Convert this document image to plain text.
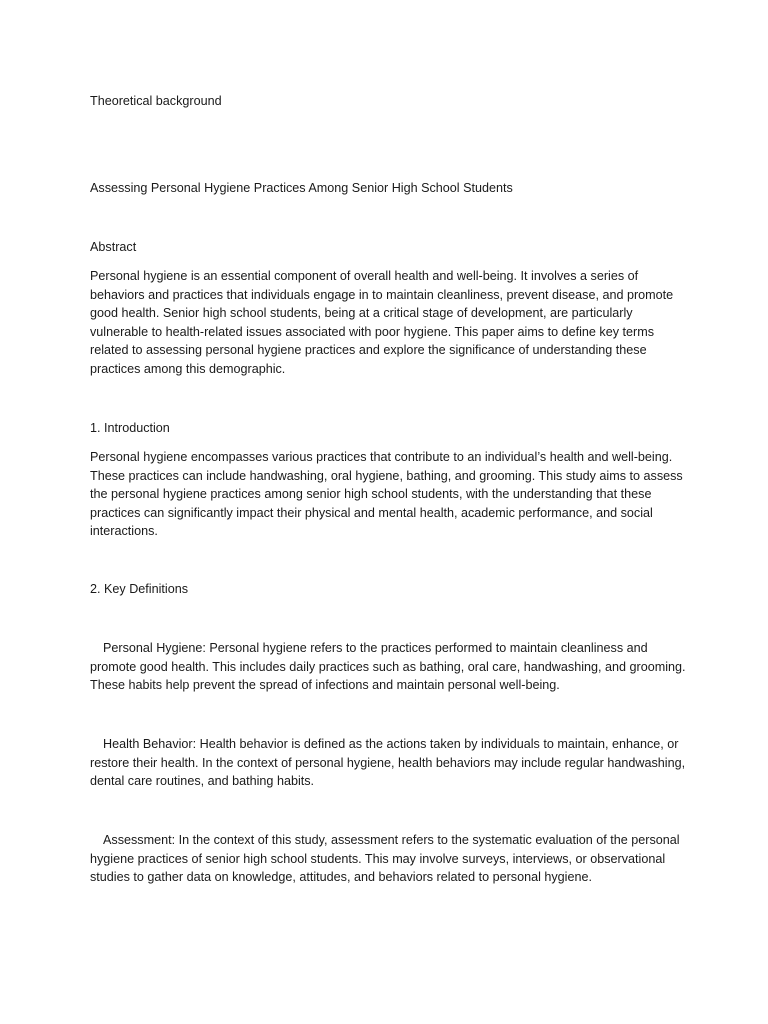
Theoretical background

Assessing Personal Hygiene Practices Among Senior High School Students

Abstract

Personal hygiene is an essential component of overall health and well-being. It involves a series of behaviors and practices that individuals engage in to maintain cleanliness, prevent disease, and promote good health. Senior high school students, being at a critical stage of development, are particularly vulnerable to health-related issues associated with poor hygiene. This paper aims to define key terms related to assessing personal hygiene practices and explore the significance of understanding these practices among this demographic.

1. Introduction

Personal hygiene encompasses various practices that contribute to an individual’s health and well-being. These practices can include handwashing, oral hygiene, bathing, and grooming. This study aims to assess the personal hygiene practices among senior high school students, with the understanding that these practices can significantly impact their physical and mental health, academic performance, and social interactions.

2. Key Definitions

Personal Hygiene: Personal hygiene refers to the practices performed to maintain cleanliness and promote good health. This includes daily practices such as bathing, oral care, handwashing, and grooming. These habits help prevent the spread of infections and maintain personal well-being.

Health Behavior: Health behavior is defined as the actions taken by individuals to maintain, enhance, or restore their health. In the context of personal hygiene, health behaviors may include regular handwashing, dental care routines, and bathing habits.

Assessment: In the context of this study, assessment refers to the systematic evaluation of the personal hygiene practices of senior high school students. This may involve surveys, interviews, or observational studies to gather data on knowledge, attitudes, and behaviors related to personal hygiene.
